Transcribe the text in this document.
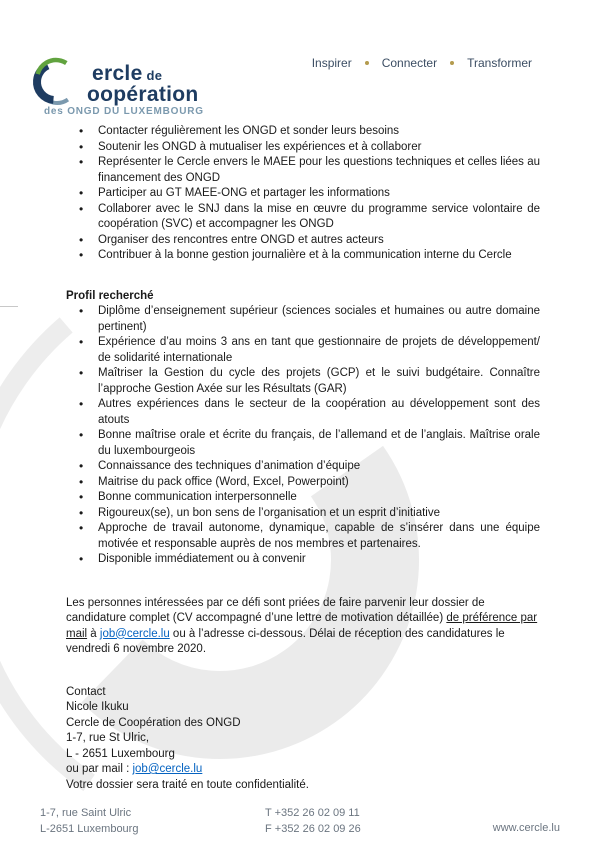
ercle de
oopération
des ONGD DU LUXEMBOURG
Inspirer	Connecter	Transformer
• Contacter régulièrement les ONGD et sonder leurs besoins
• Soutenir les ONGD à mutualiser les expériences et à collaborer
• Représenter le Cercle envers le MAEE pour les questions techniques et celles liées au financement des ONGD
• Participer au GT MAEE-ONG et partager les informations
• Collaborer avec le SNJ dans la mise en œuvre du programme service volontaire de coopération (SVC) et accompagner les ONGD
• Organiser des rencontres entre ONGD et autres acteurs
• Contribuer à la bonne gestion journalière et à la communication interne du Cercle
Profil recherché
• Diplôme d’enseignement supérieur (sciences sociales et humaines ou autre domaine pertinent)
• Expérience d’au moins 3 ans en tant que gestionnaire de projets de développement/ de solidarité internationale
• Maîtriser la Gestion du cycle des projets (GCP) et le suivi budgétaire. Connaître l’approche Gestion Axée sur les Résultats (GAR)
• Autres expériences dans le secteur de la coopération au développement sont des atouts
• Bonne maîtrise orale et écrite du français, de l’allemand et de l’anglais. Maîtrise orale du luxembourgeois
• Connaissance des techniques d’animation d’équipe
• Maitrise du pack office (Word, Excel, Powerpoint)
• Bonne communication interpersonnelle
• Rigoureux(se), un bon sens de l’organisation et un esprit d’initiative
• Approche de travail autonome, dynamique, capable de s’insérer dans une équipe motivée et responsable auprès de nos membres et partenaires.
• Disponible immédiatement ou à convenir

Les personnes intéressées par ce défi sont priées de faire parvenir leur dossier de candidature complet (CV accompagné d’une lettre de motivation détaillée) de préférence par mail à job@cercle.lu ou à l’adresse ci-dessous. Délai de réception des candidatures le vendredi 6 novembre 2020.

Contact
Nicole Ikuku
Cercle de Coopération des ONGD
1-7, rue St Ulric,
L - 2651 Luxembourg
ou par mail : job@cercle.lu
Votre dossier sera traité en toute confidentialité.
1-7, rue Saint Ulric
L-2651 Luxembourg
T +352 26 02 09 11
F +352 26 02 09 26	www.cercle.lu
